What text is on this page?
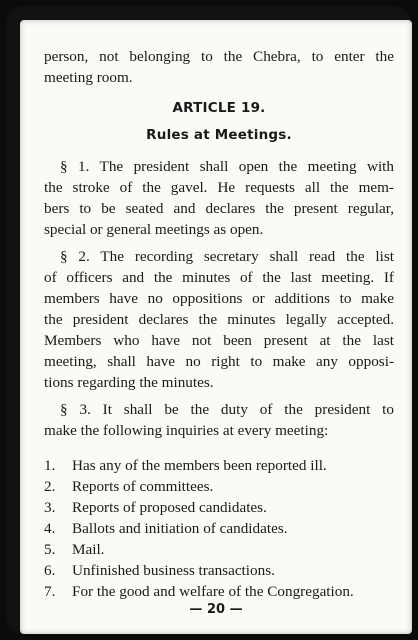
person, not belonging to the Chebra, to enter the
meeting room.
ARTICLE 19.
Rules at Meetings.
§ 1. The president shall open the meeting with
the stroke of the gavel. He requests all the mem-
bers to be seated and declares the present regular,
special or general meetings as open.
§ 2. The recording secretary shall read the list
of officers and the minutes of the last meeting. If
members have no oppositions or additions to make
the president declares the minutes legally accepted.
Members who have not been present at the last
meeting, shall have no right to make any opposi-
tions regarding the minutes.
§ 3. It shall be the duty of the president to
make the following inquiries at every meeting:
1.	Has any of the members been reported ill.
2.	Reports of committees.
3.	Reports of proposed candidates.
4.	Ballots and initiation of candidates.
5.	Mail.
6.	Unfinished business transactions.
7.	For the good and welfare of the Congregation.
— 20 —
